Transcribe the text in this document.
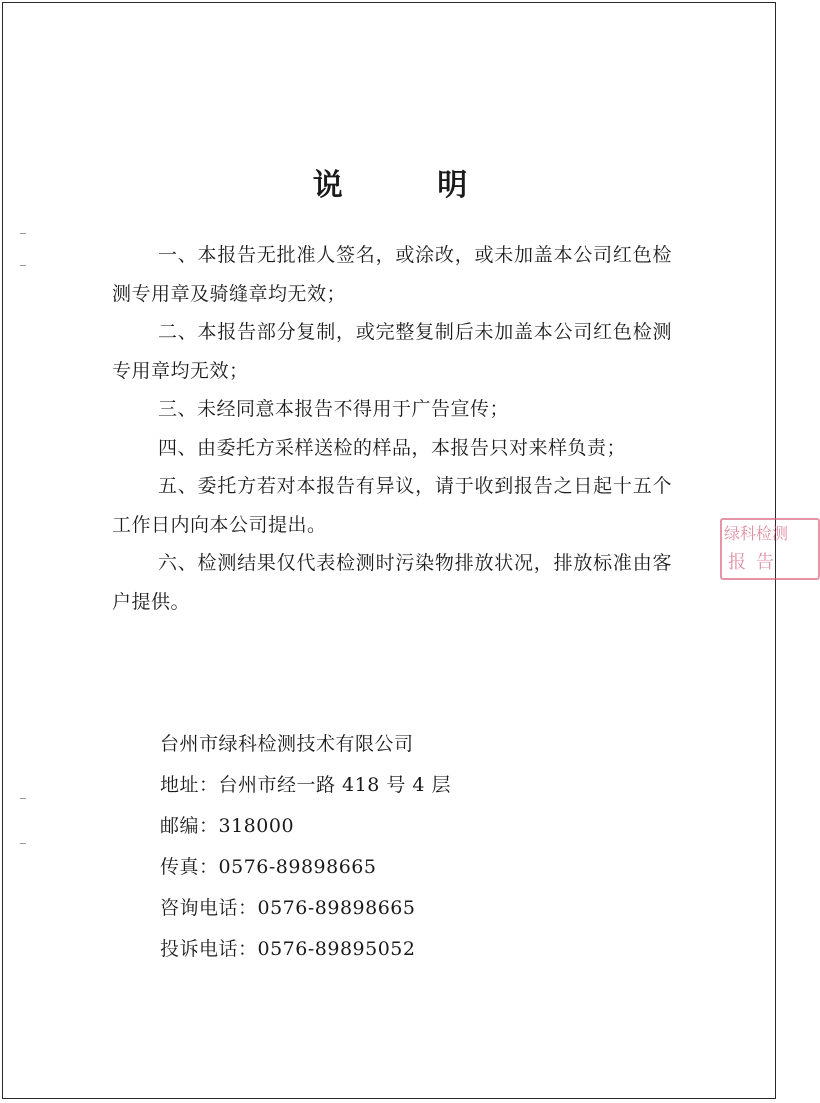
说 明

一、本报告无批准人签名，或涂改，或未加盖本公司红色检测专用章及骑缝章均无效；

二、本报告部分复制，或完整复制后未加盖本公司红色检测专用章均无效；

三、未经同意本报告不得用于广告宣传；

四、由委托方采样送检的样品，本报告只对来样负责；

五、委托方若对本报告有异议，请于收到报告之日起十五个工作日内向本公司提出。

六、检测结果仅代表检测时污染物排放状况，排放标准由客户提供。

台州市绿科检测技术有限公司
地址：台州市经一路 418 号 4 层
邮编：318000
传真：0576-89898665
咨询电话：0576-89898665
投诉电话：0576-89895052
绿科检测
报告
